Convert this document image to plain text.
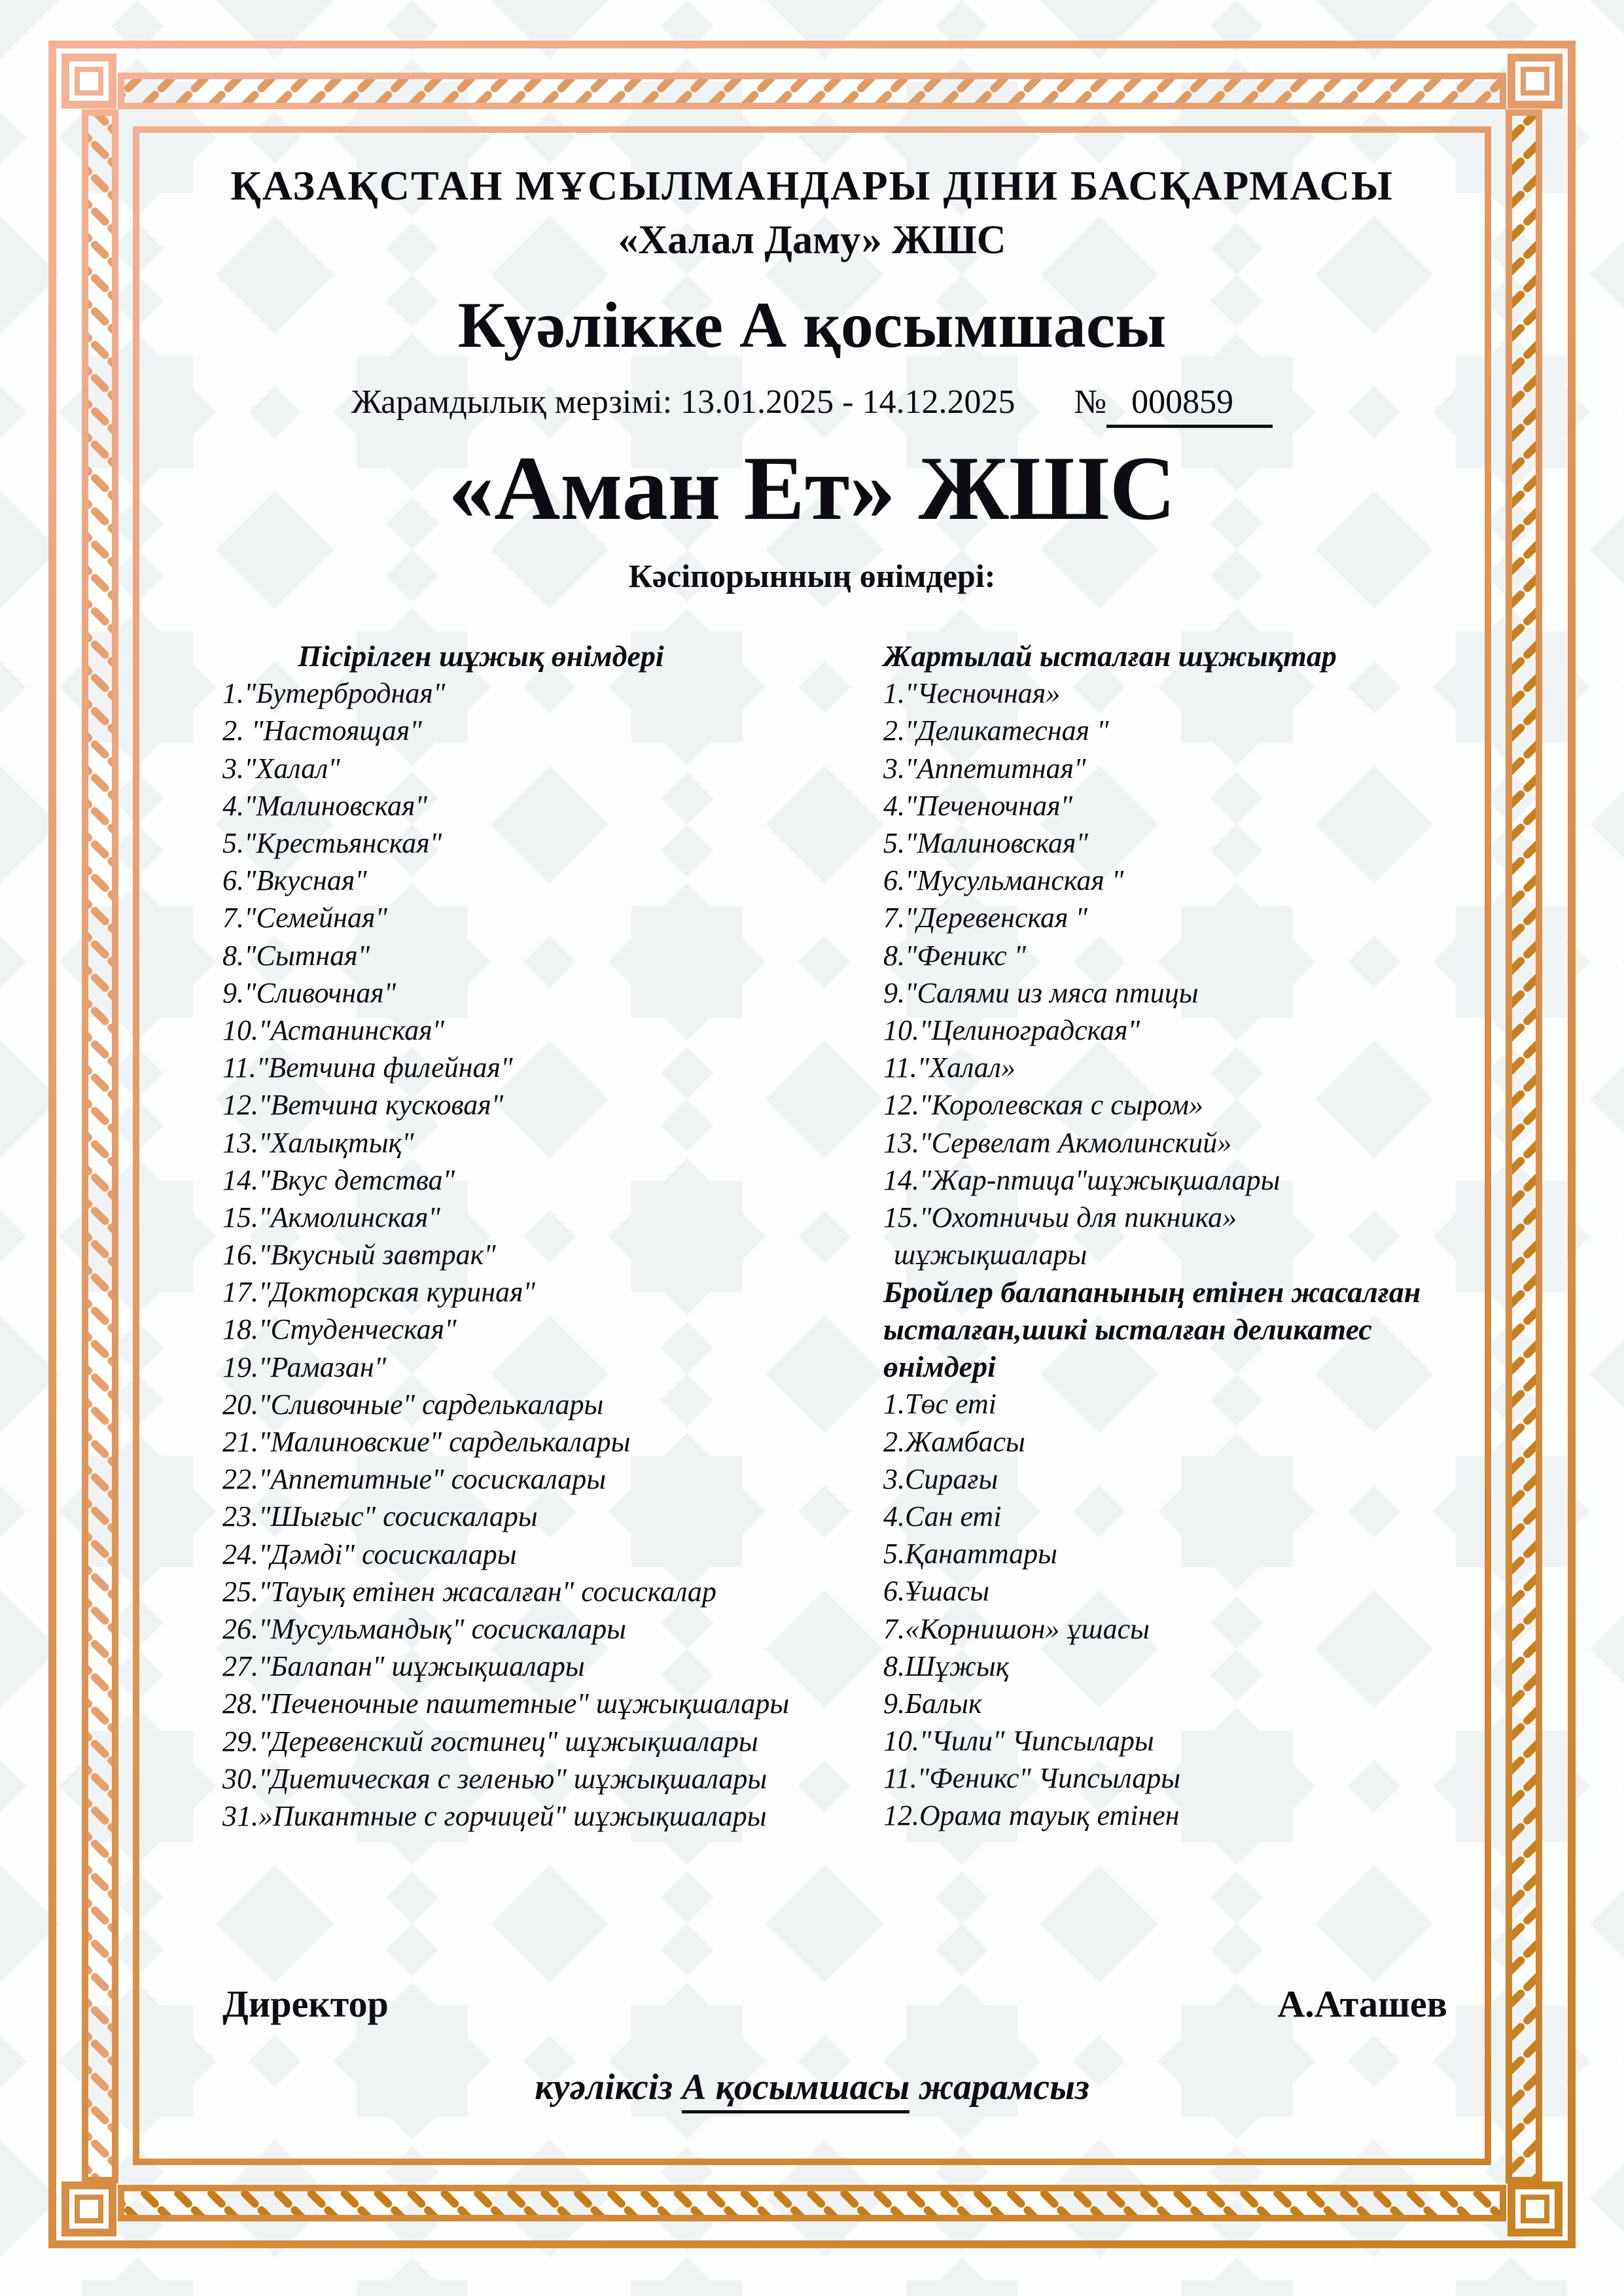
ҚАЗАҚСТАН МҰСЫЛМАНДАРЫ ДІНИ БАСҚАРМАСЫ
«Халал Даму» ЖШС
Куәлікке А қосымшасы
Жарамдылық мерзімі: 13.01.2025 - 14.12.2025 № 000859
«Аман Ет» ЖШС
Кәсіпорынның өнімдері:
Пісірілген шұжық өнімдері
1."Бутербродная"
2. "Настоящая"
3."Халал"
4."Малиновская"
5."Крестьянская"
6."Вкусная"
7."Семейная"
8."Сытная"
9."Сливочная"
10."Астанинская"
11."Ветчина филейная"
12."Ветчина кусковая"
13."Халықтық"
14."Вкус детства"
15."Акмолинская"
16."Вкусный завтрак"
17."Докторская куриная"
18."Студенческая"
19."Рамазан"
20."Сливочные" сарделькалары
21."Малиновские" сарделькалары
22."Аппетитные" сосискалары
23."Шығыс" сосискалары
24."Дәмді" сосискалары
25."Тауық етінен жасалған" сосискалар
26."Мусульмандық" сосискалары
27."Балапан" шұжықшалары
28."Печеночные паштетные" шұжықшалары
29."Деревенский гостинец" шұжықшалары
30."Диетическая с зеленью" шұжықшалары
31.»Пикантные с горчицей" шұжықшалары
Жартылай ысталған шұжықтар
1."Чесночная»
2."Деликатесная "
3."Аппетитная"
4."Печеночная"
5."Малиновская"
6."Мусульманская "
7."Деревенская "
8."Феникс "
9."Салями из мяса птицы
10."Целиноградская"
11."Халал»
12."Королевская с сыром»
13."Сервелат Акмолинский»
14."Жар-птица"шұжықшалары
15."Охотничьи для пикника»
шұжықшалары
Бройлер балапанының етінен жасалған ысталған,шикі ысталған деликатес өнімдері
1.Төс еті
2.Жамбасы
3.Сирағы
4.Сан еті
5.Қанаттары
6.Ұшасы
7.«Корнишон» ұшасы
8.Шұжық
9.Балык
10."Чили" Чипсылары
11."Феникс" Чипсылары
12.Орама тауық етінен
Директор	А.Аташев
куәліксіз А қосымшасы жарамсыз
